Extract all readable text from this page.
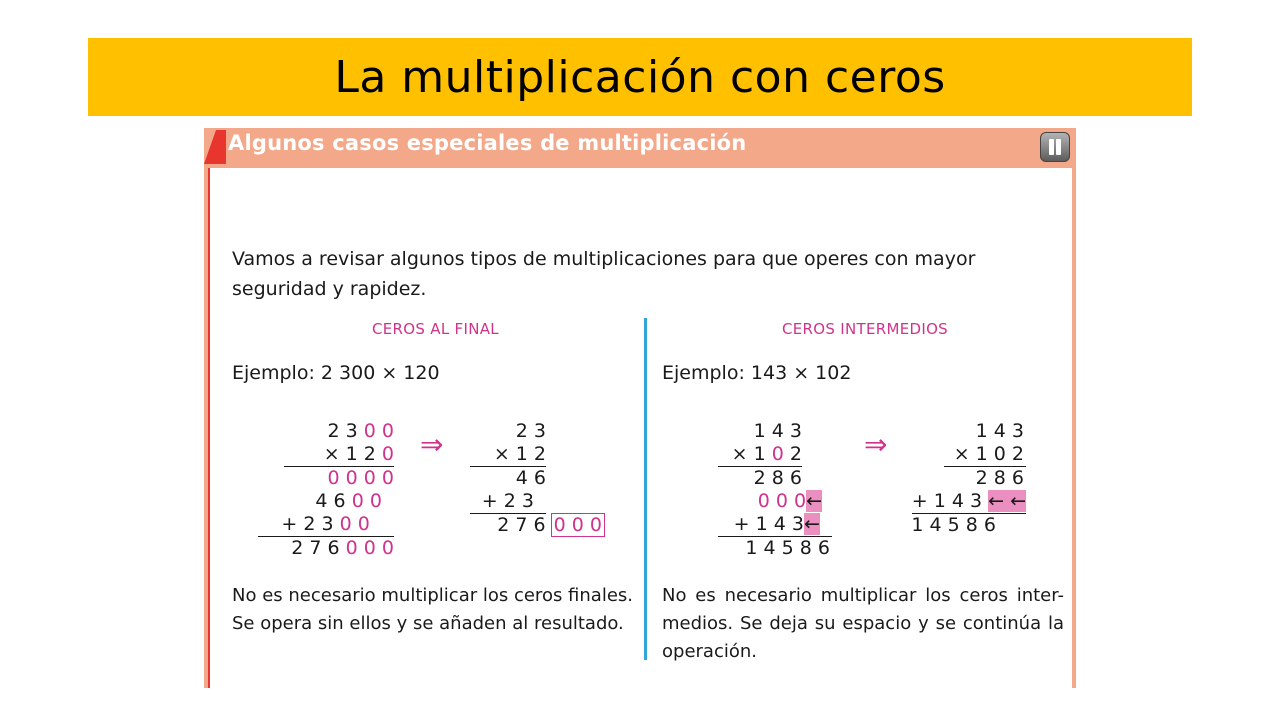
La multiplicación con ceros
Algunos casos especiales de multiplicación
Vamos a revisar algunos tipos de multiplicaciones para que operes con mayor seguridad y rapidez.
CEROS AL FINAL
Ejemplo: 2 300 × 120
2 3 0 0
× 1 2 0
0 0 0 0
4 6 0 0
+ 2 3 0 0
2 7 6 0 0 0
⇒	2 3
× 1 2
4 6
+ 2 3
2 7 6 0 0 0
No es necesario multiplicar los ceros finales. Se opera sin ellos y se añaden al resultado.
CEROS INTERMEDIOS
Ejemplo: 143 × 102
1 4 3
× 1 0 2
2 8 6
0 0 0←
+ 1 4 3←
1 4 5 8 6
⇒	1 4 3
× 1 0 2
2 8 6
+ 1 4 3 ← ←
1 4 5 8 6
No es necesario multiplicar los ceros inter- medios. Se deja su espacio y se continúa la operación.
